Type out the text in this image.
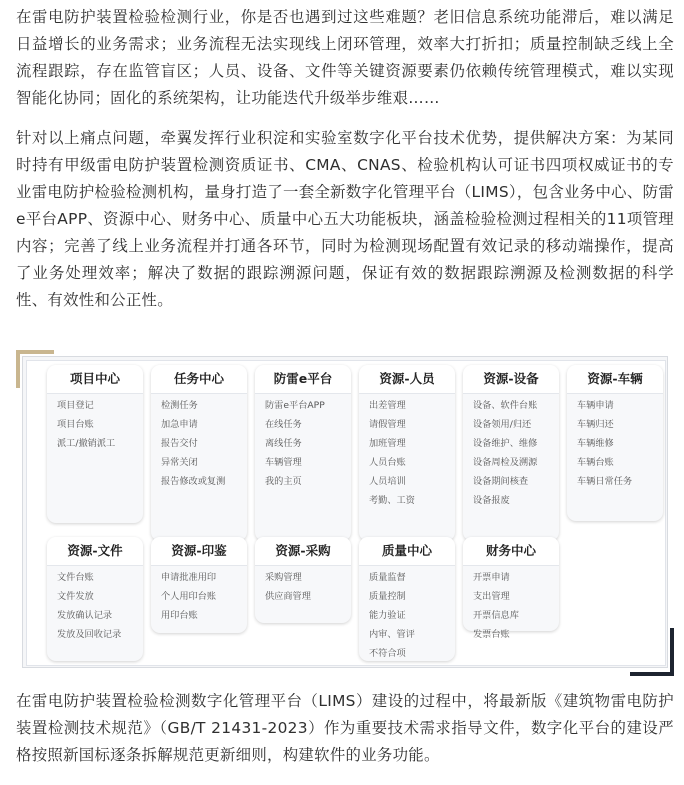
在雷电防护装置检验检测行业，你是否也遇到过这些难题？老旧信息系统功能滞后，难以满足日益增长的业务需求；业务流程无法实现线上闭环管理，效率大打折扣；质量控制缺乏线上全流程跟踪，存在监管盲区；人员、设备、文件等关键资源要素仍依赖传统管理模式，难以实现智能化协同；固化的系统架构，让功能迭代升级举步维艰……

针对以上痛点问题，牵翼发挥行业积淀和实验室数字化平台技术优势，提供解决方案：为某同时持有甲级雷电防护装置检测资质证书、CMA、CNAS、检验机构认可证书四项权威证书的专业雷电防护检验检测机构，量身打造了一套全新数字化管理平台（LIMS），包含业务中心、防雷e平台APP、资源中心、财务中心、质量中心五大功能板块，涵盖检验检测过程相关的11项管理内容；完善了线上业务流程并打通各环节，同时为检测现场配置有效记录的移动端操作，提高了业务处理效率；解决了数据的跟踪溯源问题，保证有效的数据跟踪溯源及检测数据的科学性、有效性和公正性。

项目中心
项目登记
项目台账
派工/撤销派工
任务中心
检测任务
加急申请
报告交付
异常关闭
报告修改或复测
防雷e平台
防雷e平台APP
在线任务
离线任务
车辆管理
我的主页
资源-人员
出差管理
请假管理
加班管理
人员台账
人员培训
考勤、工资
资源-设备
设备、软件台账
设备领用/归还
设备维护、维修
设备周检及溯源
设备期间核查
设备报废
资源-车辆
车辆申请
车辆归还
车辆维修
车辆台账
车辆日常任务
资源-文件
文件台账
文件发放
发放确认记录
发放及回收记录
资源-印鉴
申请批准用印
个人用印台账
用印台账
资源-采购
采购管理
供应商管理
质量中心
质量监督
质量控制
能力验证
内审、管评
不符合项
财务中心
开票申请
支出管理
开票信息库
发票台账

在雷电防护装置检验检测数字化管理平台（LIMS）建设的过程中，将最新版《建筑物雷电防护装置检测技术规范》（GB/T 21431-2023）作为重要技术需求指导文件，数字化平台的建设严格按照新国标逐条拆解规范更新细则，构建软件的业务功能。
